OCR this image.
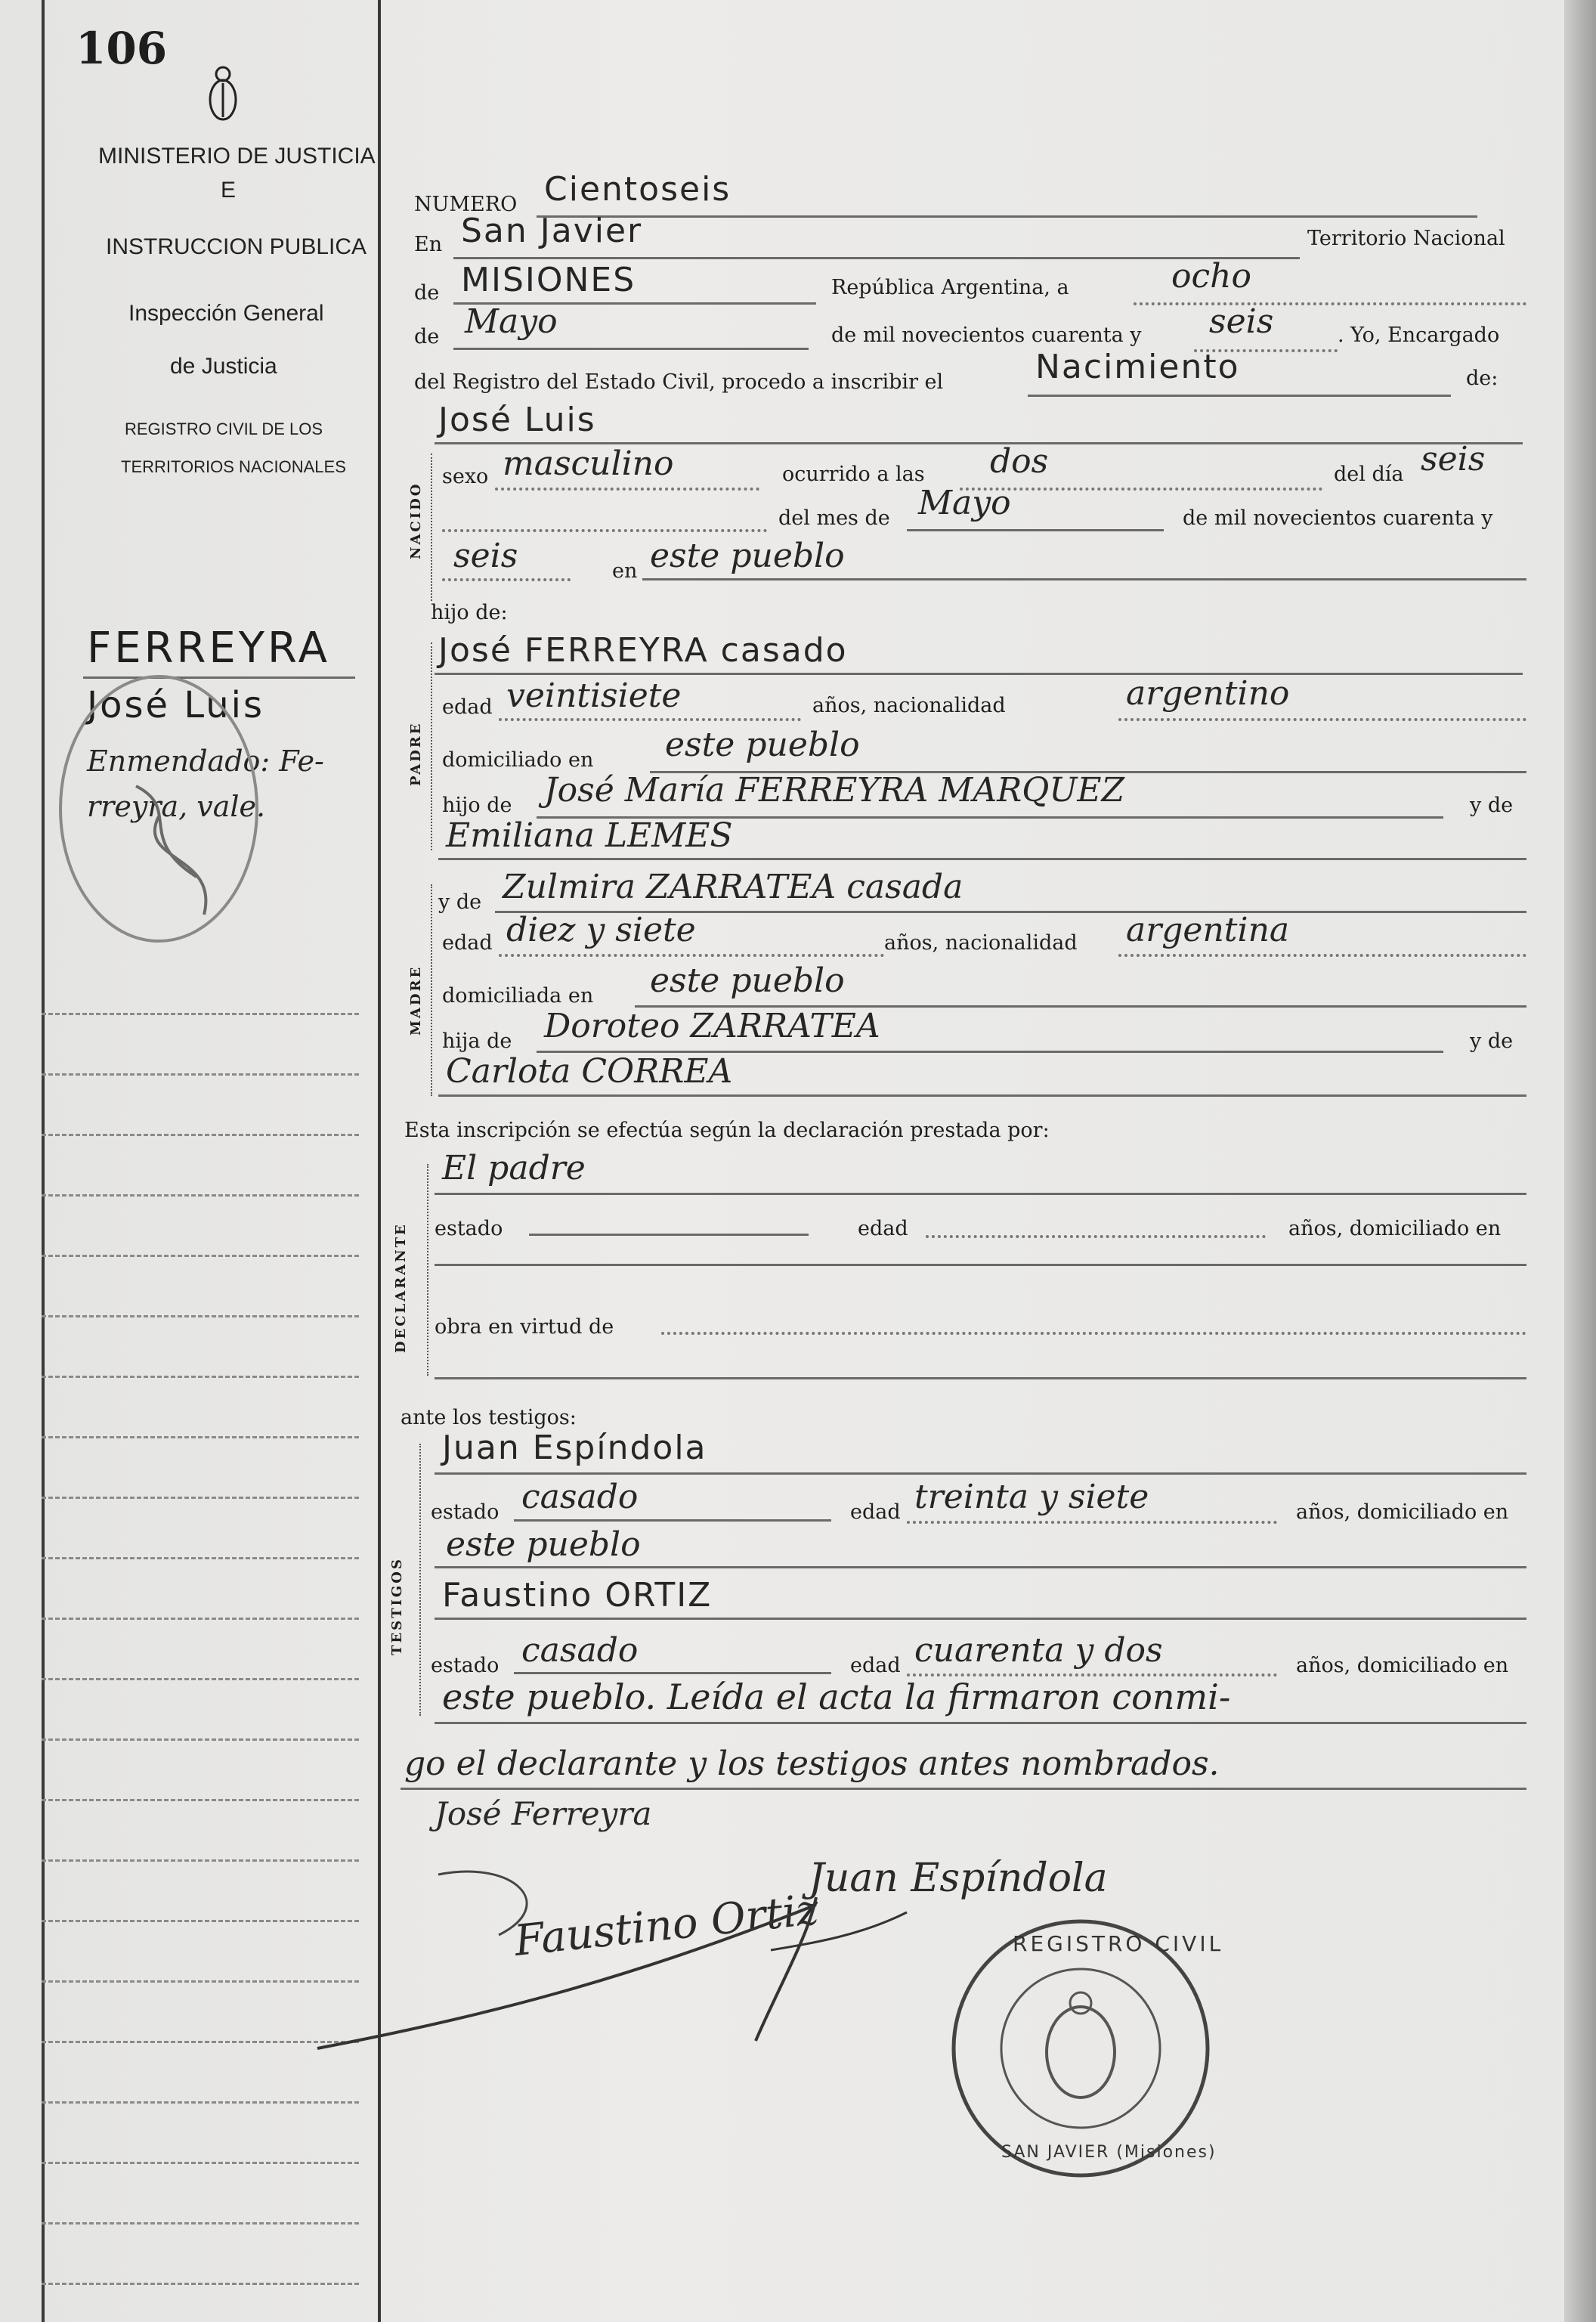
106
MINISTERIO DE JUSTICIA
E
INSTRUCCION PUBLICA
Inspección General
de Justicia
REGISTRO CIVIL DE LOS
TERRITORIOS NACIONALES
FERREYRA
José Luis
Enmendado: Fe-
rreyra, vale.
NUMERO Cientoseis
En San Javier	Territorio Nacional
de MISIONES	República Argentina, a	ocho
de Mayo	de mil novecientos cuarenta y seis	. Yo, Encargado
del Registro del Estado Civil, procedo a inscribir el	Nacimiento	de:
NACIDO
José Luis
sexo masculino	ocurrido a las dos	del día seis
del mes de Mayo	de mil novecientos cuarenta y
seis	en este pueblo
hijo de:
PADRE
José FERREYRA casado
edad veintisiete	años, nacionalidad	argentino
domiciliado en este pueblo
hijo de José María FERREYRA MARQUEZ	y de
Emiliana LEMES
MADRE
y de Zulmira ZARRATEA casada
edad diez y siete	años, nacionalidad argentina
domiciliada en este pueblo
hija de Doroteo ZARRATEA	y de
Carlota CORREA
Esta inscripción se efectúa según la declaración prestada por:
DECLARANTE
El padre
estado	edad	años, domiciliado en
obra en virtud de
ante los testigos:
TESTIGOS
Juan Espíndola
estado casado	edad treinta y siete	años, domiciliado en
este pueblo
Faustino ORTIZ
estado casado	edad cuarenta y dos	años, domiciliado en
este pueblo. Leída el acta la firmaron conmi-
go el declarante y los testigos antes nombrados.
José Ferreyra
Juan Espíndola
Faustino Ortiz	REGISTRO CIVIL
SAN JAVIER (Misiones)
